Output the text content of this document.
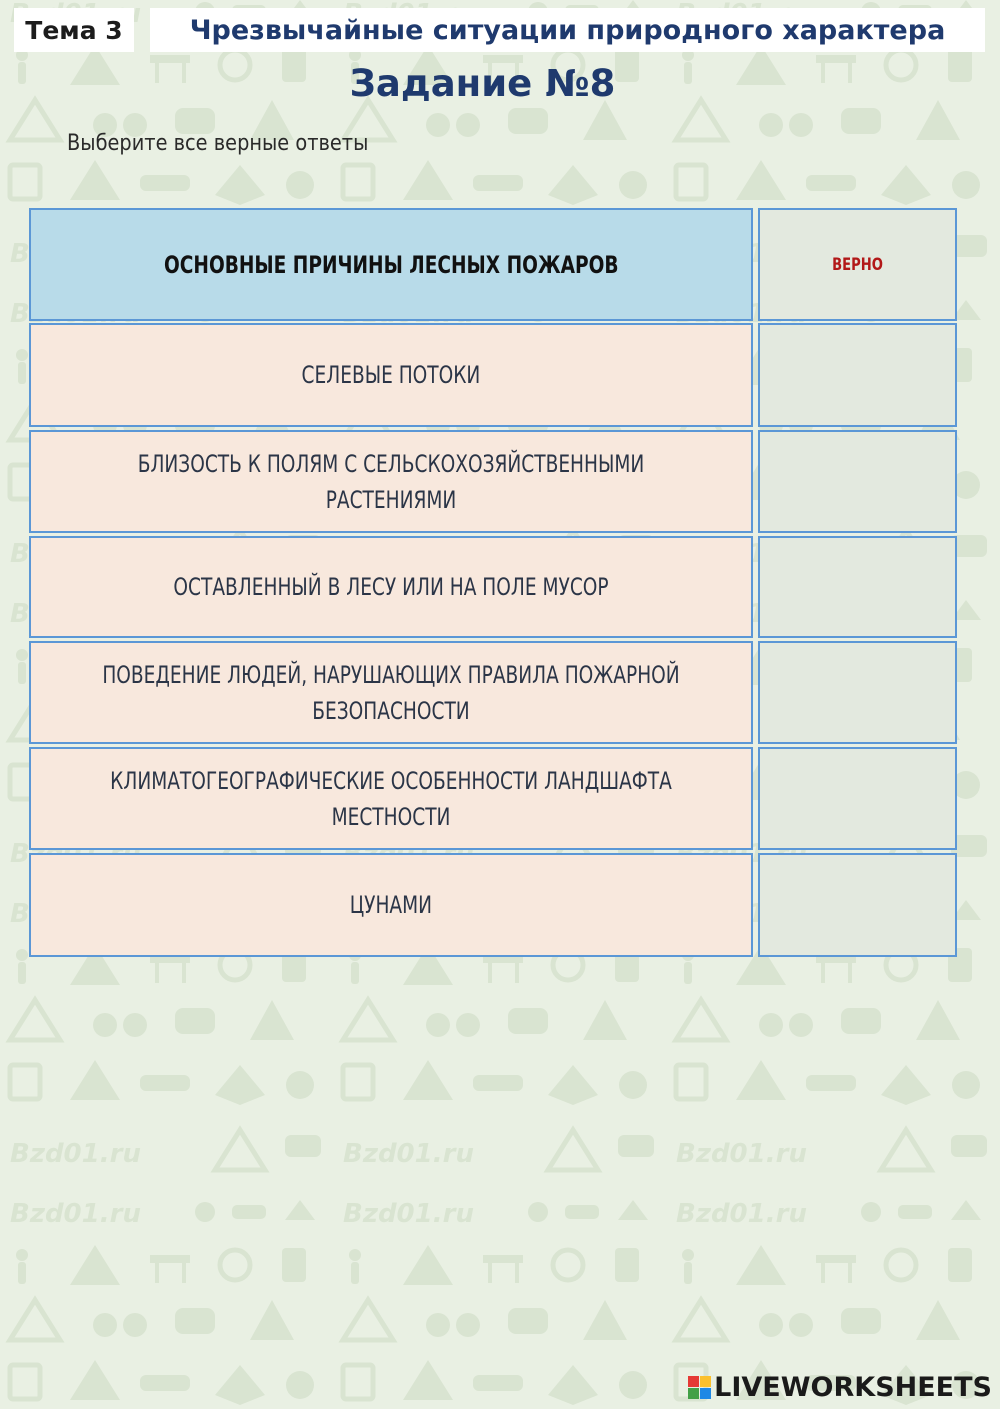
Тема 3	Чрезвычайные ситуации природного характера
Задание №8
Выберите все верные ответы
ОСНОВНЫЕ ПРИЧИНЫ ЛЕСНЫХ ПОЖАРОВ	ВЕРНО
СЕЛЕВЫЕ ПОТОКИ
БЛИЗОСТЬ К ПОЛЯМ С СЕЛЬСКОХОЗЯЙСТВЕННЫМИ РАСТЕНИЯМИ
ОСТАВЛЕННЫЙ В ЛЕСУ ИЛИ НА ПОЛЕ МУСОР
ПОВЕДЕНИЕ ЛЮДЕЙ, НАРУШАЮЩИХ ПРАВИЛА ПОЖАРНОЙ БЕЗОПАСНОСТИ
КЛИМАТОГЕОГРАФИЧЕСКИЕ ОСОБЕННОСТИ ЛАНДШАФТА МЕСТНОСТИ
ЦУНАМИ
LIVEWORKSHEETS
